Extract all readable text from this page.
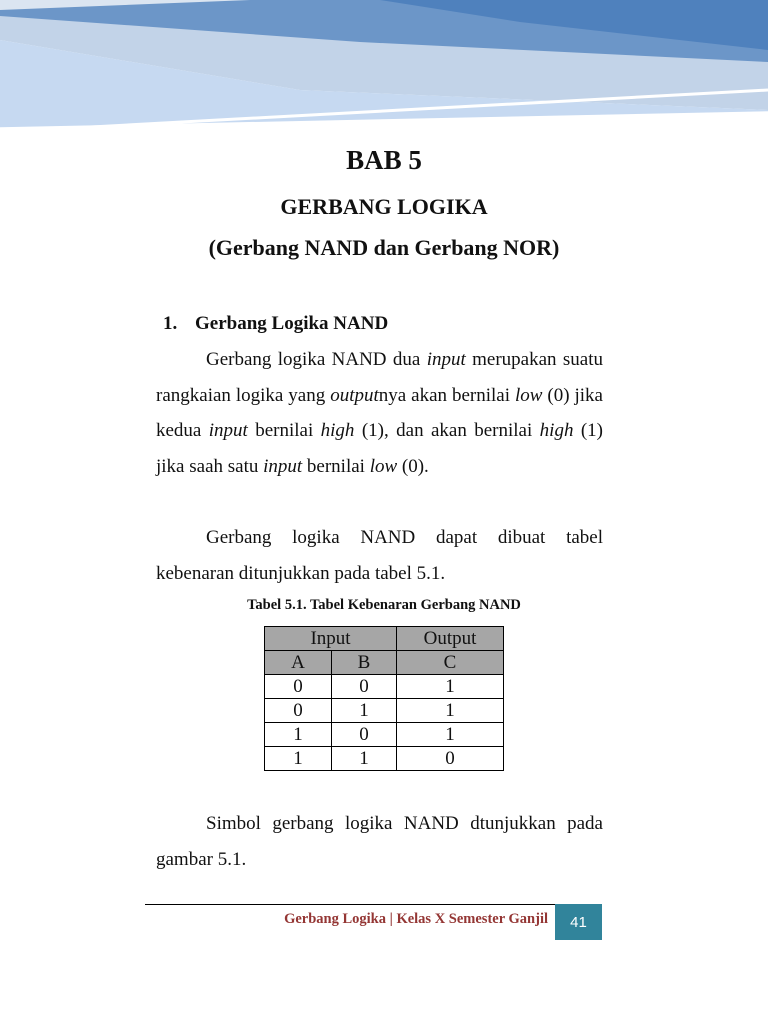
BAB 5
GERBANG LOGIKA
(Gerbang NAND dan Gerbang NOR)
1. Gerbang Logika NAND

Gerbang logika NAND dua input merupakan suatu rangkaian logika yang outputnya akan bernilai low (0) jika kedua input bernilai high (1), dan akan bernilai high (1) jika saah satu input bernilai low (0).

Gerbang logika NAND dapat dibuat tabel kebenaran ditunjukkan pada tabel 5.1.

Tabel 5.1. Tabel Kebenaran Gerbang NAND

Input		Output
A	B	C
0	0	1
0	1	1
1	0	1
1	1	0

Simbol gerbang logika NAND dtunjukkan pada gambar 5.1.

Gerbang Logika | Kelas X Semester Ganjil 41
